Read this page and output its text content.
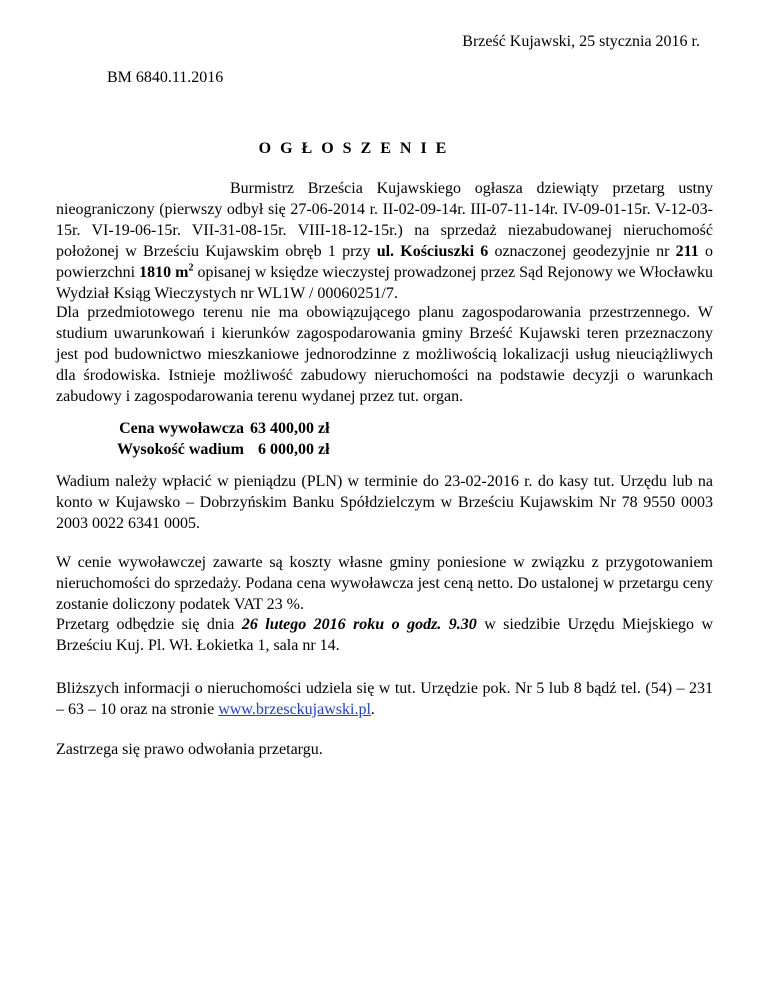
Brześć Kujawski, 25 stycznia 2016 r.
BM 6840.11.2016
OGŁOSZENIE
Burmistrz Brześcia Kujawskiego ogłasza dziewiąty przetarg ustny nieograniczony (pierwszy odbył się 27-06-2014 r. II-02-09-14r. III-07-11-14r. IV-09-01-15r. V-12-03-15r. VI-19-06-15r. VII-31-08-15r. VIII-18-12-15r.) na sprzedaż niezabudowanej nieruchomość położonej w Brześciu Kujawskim obręb 1 przy ul. Kościuszki 6 oznaczonej geodezyjnie nr 211 o powierzchni 1810 $m^2$ opisanej w księdze wieczystej prowadzonej przez Sąd Rejonowy we Włocławku Wydział Ksiąg Wieczystych nr WL1W / 00060251/7.
Dla przedmiotowego terenu nie ma obowiązującego planu zagospodarowania przestrzennego. W studium uwarunkowań i kierunków zagospodarowania gminy Brześć Kujawski teren przeznaczony jest pod budownictwo mieszkaniowe jednorodzinne z możliwością lokalizacji usług nieuciążliwych dla środowiska. Istnieje możliwość zabudowy nieruchomości na podstawie decyzji o warunkach zabudowy i zagospodarowania terenu wydanej przez tut. organ.
Cena wywoławcza	63 400,00 zł
Wysokość wadium	6 000,00 zł
Wadium należy wpłacić w pieniądzu (PLN) w terminie do 23-02-2016 r. do kasy tut. Urzędu lub na konto w Kujawsko – Dobrzyńskim Banku Spółdzielczym w Brześciu Kujawskim Nr 78 9550 0003 2003 0022 6341 0005.
W cenie wywoławczej zawarte są koszty własne gminy poniesione w związku z przygotowaniem nieruchomości do sprzedaży. Podana cena wywoławcza jest ceną netto. Do ustalonej w przetargu ceny zostanie doliczony podatek VAT 23 %.
Przetarg odbędzie się dnia 26 lutego 2016 roku o godz. 9.30 w siedzibie Urzędu Miejskiego w Brześciu Kuj. Pl. Wł. Łokietka 1, sala nr 14.
Bliższych informacji o nieruchomości udziela się w tut. Urzędzie pok. Nr 5 lub 8 bądź tel. (54) – 231 – 63 – 10 oraz na stronie www.brzesckujawski.pl.
Zastrzega się prawo odwołania przetargu.
